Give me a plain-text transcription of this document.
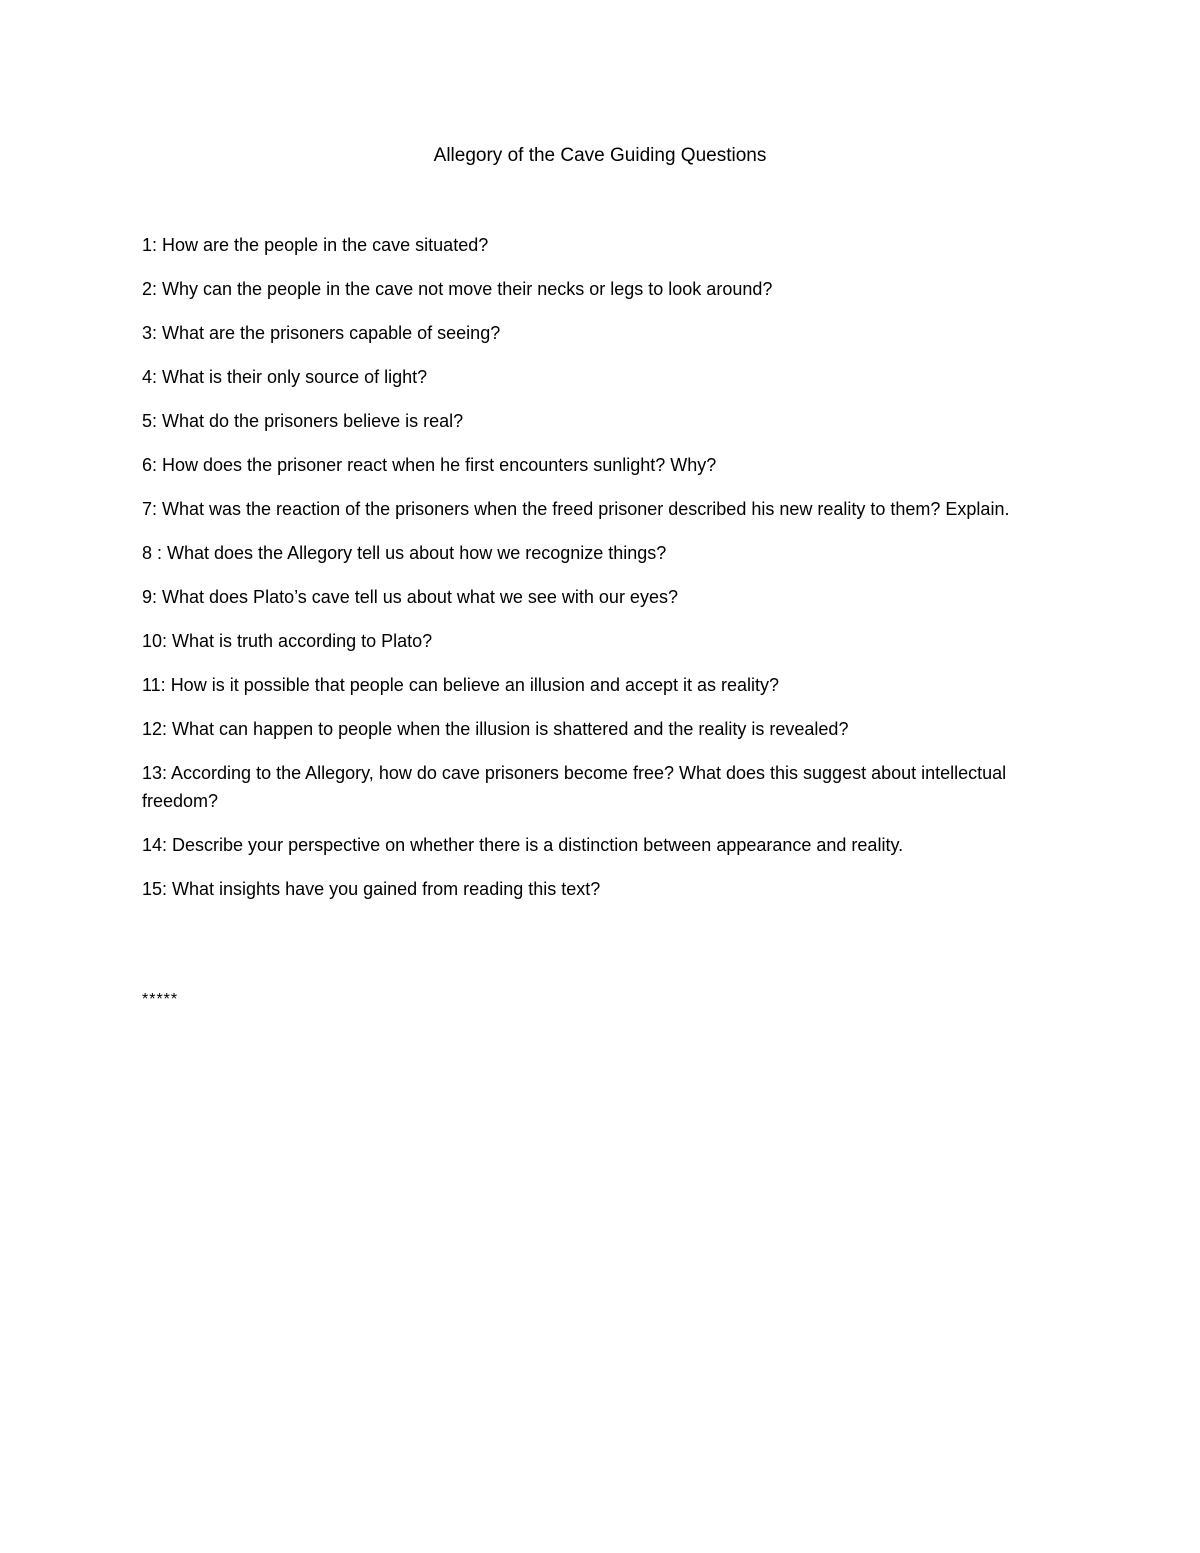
Allegory of the Cave Guiding Questions
1: How are the people in the cave situated?
2: Why can the people in the cave not move their necks or legs to look around?
3: What are the prisoners capable of seeing?
4: What is their only source of light?
5: What do the prisoners believe is real?
6: How does the prisoner react when he first encounters sunlight? Why?
7: What was the reaction of the prisoners when the freed prisoner described his new reality to them? Explain.
8 : What does the Allegory tell us about how we recognize things?
9: What does Plato’s cave tell us about what we see with our eyes?
10: What is truth according to Plato?
11: How is it possible that people can believe an illusion and accept it as reality?
12: What can happen to people when the illusion is shattered and the reality is revealed?
13: According to the Allegory, how do cave prisoners become free? What does this suggest about intellectual freedom?
14: Describe your perspective on whether there is a distinction between appearance and reality.
15: What insights have you gained from reading this text?
*****
